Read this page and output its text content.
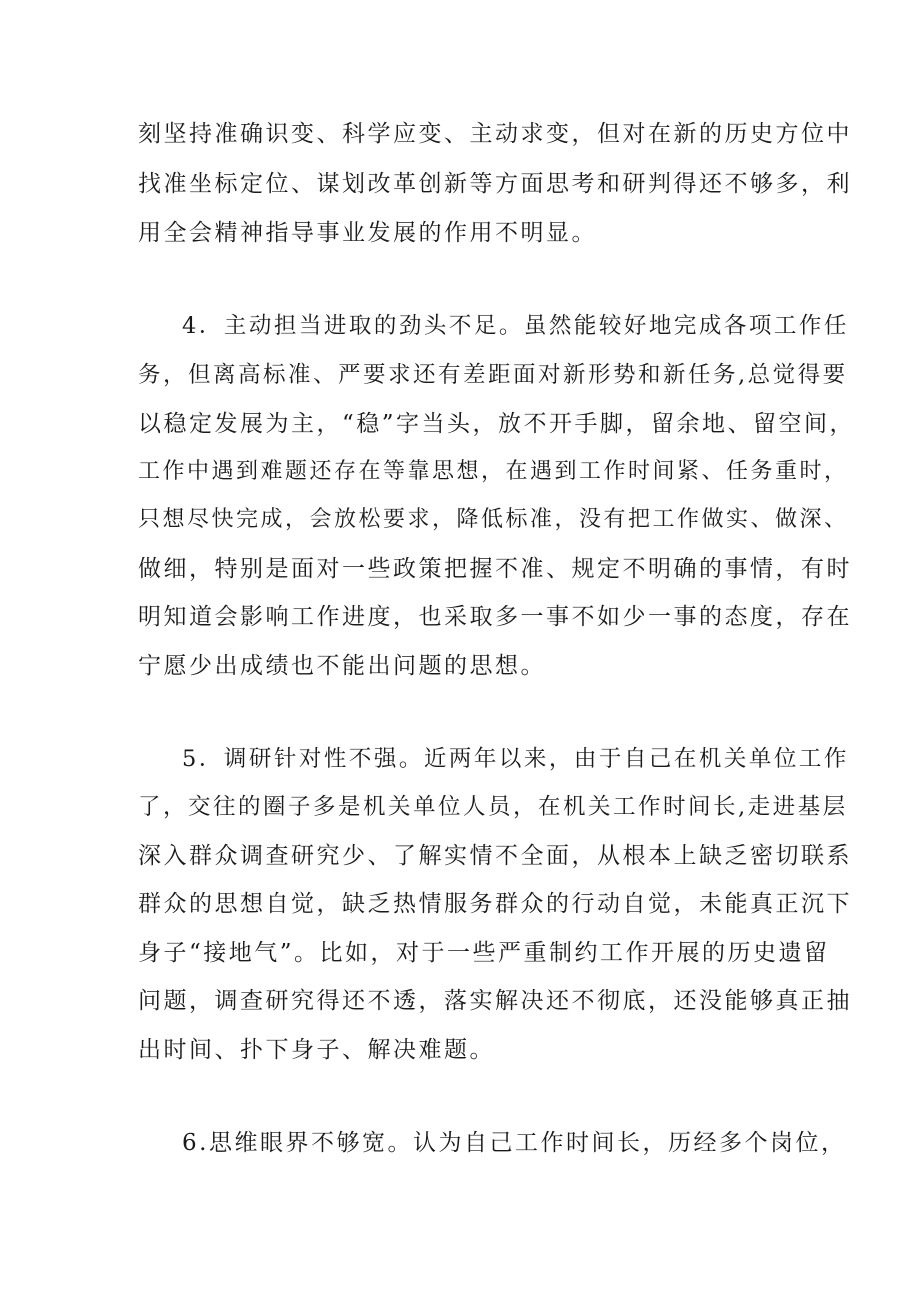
刻坚持准确识变、科学应变、主动求变，但对在新的历史方位中
找准坐标定位、谋划改革创新等方面思考和研判得还不够多，利
用全会精神指导事业发展的作用不明显。
4．主动担当进取的劲头不足。虽然能较好地完成各项工作任
务，但离高标准、严要求还有差距面对新形势和新任务,总觉得要
以稳定发展为主，“稳”字当头，放不开手脚，留余地、留空间，
工作中遇到难题还存在等靠思想，在遇到工作时间紧、任务重时，
只想尽快完成，会放松要求，降低标准，没有把工作做实、做深、
做细，特别是面对一些政策把握不准、规定不明确的事情，有时
明知道会影响工作进度，也采取多一事不如少一事的态度，存在
宁愿少出成绩也不能出问题的思想。
5．调研针对性不强。近两年以来，由于自己在机关单位工作
了，交往的圈子多是机关单位人员，在机关工作时间长,走进基层
深入群众调查研究少、了解实情不全面，从根本上缺乏密切联系
群众的思想自觉，缺乏热情服务群众的行动自觉，未能真正沉下
身子“接地气”。比如，对于一些严重制约工作开展的历史遗留
问题，调查研究得还不透，落实解决还不彻底，还没能够真正抽
出时间、扑下身子、解决难题。
6.思维眼界不够宽。认为自己工作时间长，历经多个岗位，
